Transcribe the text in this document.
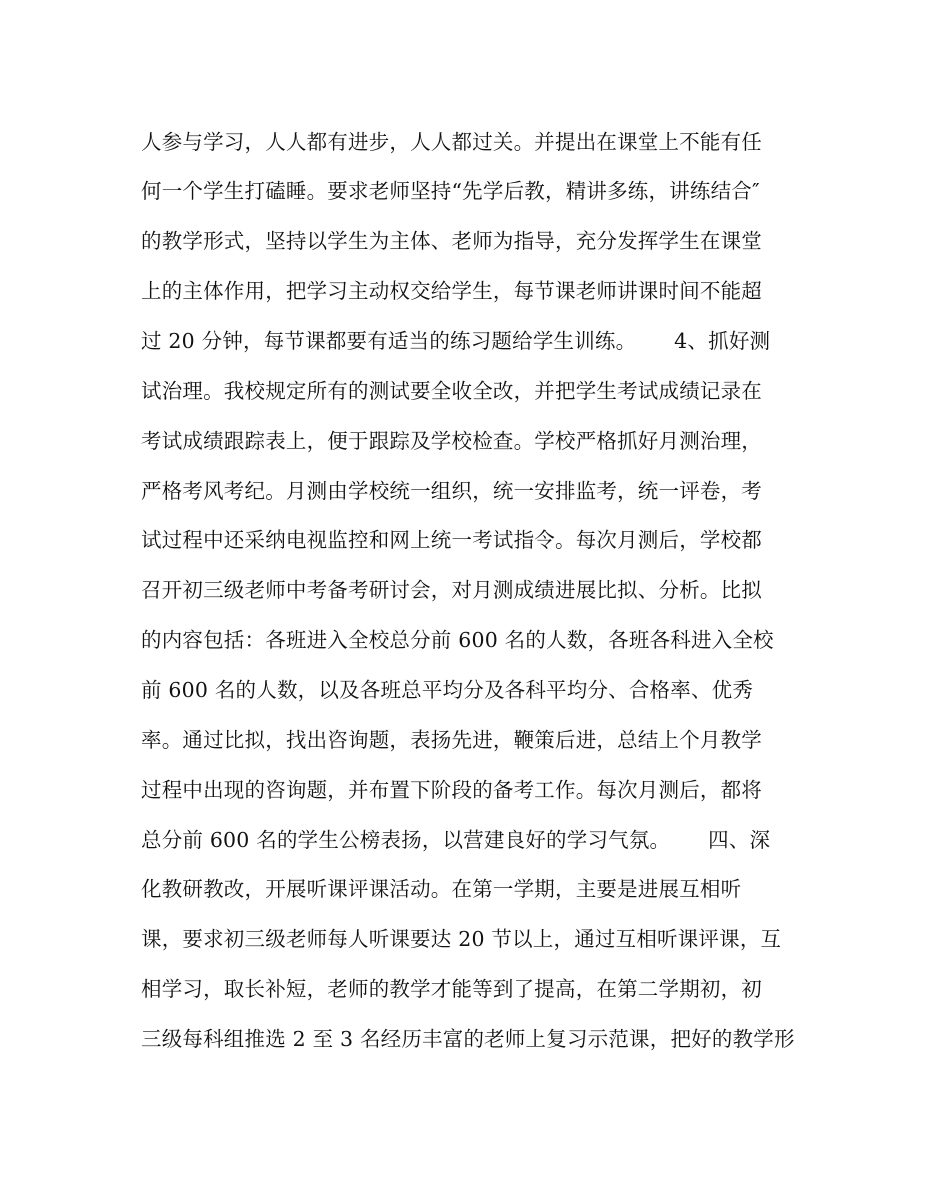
人参与学习，人人都有进步，人人都过关。并提出在课堂上不能有任
何一个学生打磕睡。要求老师坚持“先学后教，精讲多练，讲练结合″
的教学形式，坚持以学生为主体、老师为指导，充分发挥学生在课堂
上的主体作用，把学习主动权交给学生，每节课老师讲课时间不能超
过 20 分钟，每节课都要有适当的练习题给学生训练。　　 4、抓好测
试治理。我校规定所有的测试要全收全改，并把学生考试成绩记录在
考试成绩跟踪表上，便于跟踪及学校检查。学校严格抓好月测治理，
严格考风考纪。月测由学校统一组织，统一安排监考，统一评卷，考
试过程中还采纳电视监控和网上统一考试指令。每次月测后，学校都
召开初三级老师中考备考研讨会，对月测成绩进展比拟、分析。比拟
的内容包括：各班进入全校总分前 600 名的人数，各班各科进入全校
前 600 名的人数，以及各班总平均分及各科平均分、合格率、优秀
率。通过比拟，找出咨询题，表扬先进，鞭策后进，总结上个月教学
过程中出现的咨询题，并布置下阶段的备考工作。每次月测后，都将
总分前 600 名的学生公榜表扬，以营建良好的学习气氛。　　 四、深
化教研教改，开展听课评课活动。在第一学期，主要是进展互相听
课，要求初三级老师每人听课要达 20 节以上，通过互相听课评课，互
相学习，取长补短，老师的教学才能等到了提高，在第二学期初，初
三级每科组推选 2 至 3 名经历丰富的老师上复习示范课，把好的教学形
